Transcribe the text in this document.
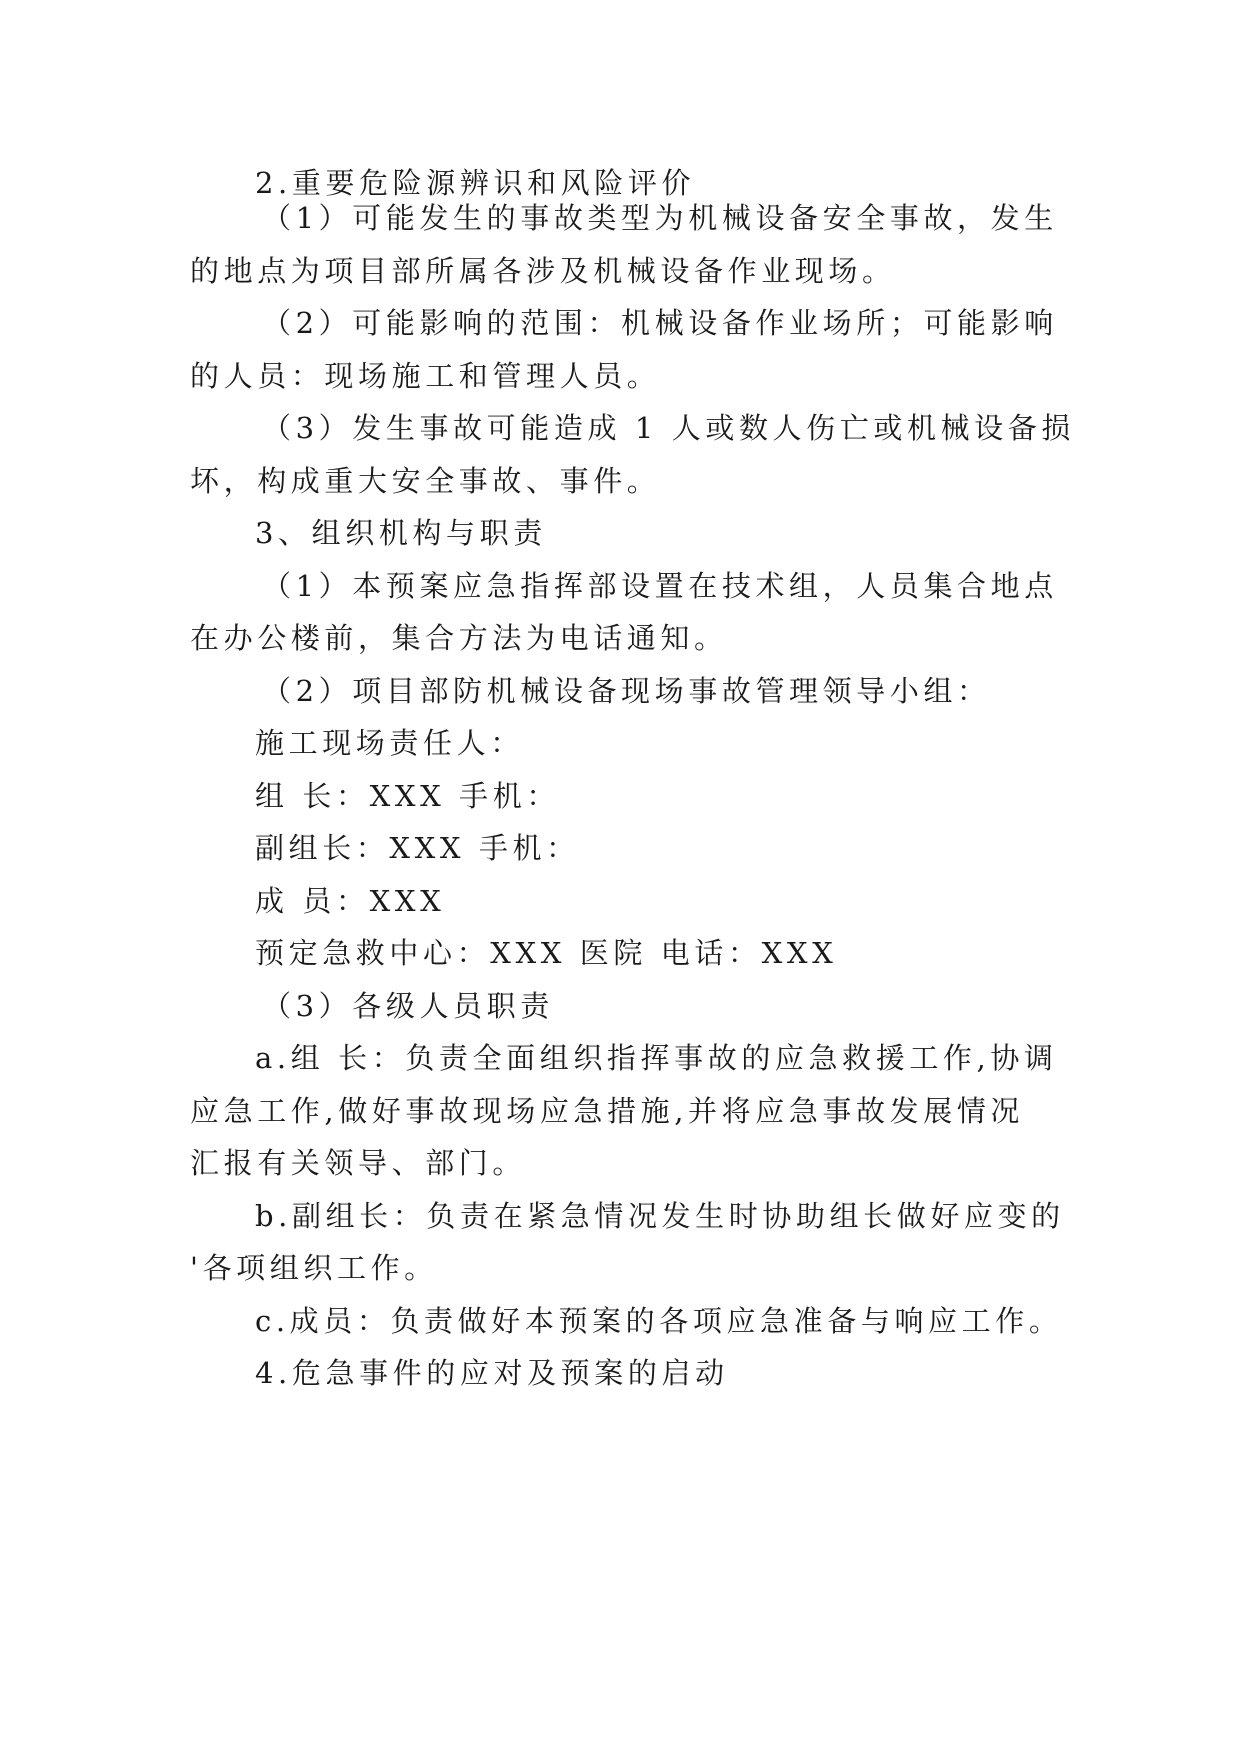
2.重要危险源辨识和风险评价

（1）可能发生的事故类型为机械设备安全事故，发生

的地点为项目部所属各涉及机械设备作业现场。

（2）可能影响的范围：机械设备作业场所；可能影响

的人员：现场施工和管理人员。

（3）发生事故可能造成 1 人或数人伤亡或机械设备损

坏，构成重大安全事故、事件。

3、组织机构与职责

（1）本预案应急指挥部设置在技术组，人员集合地点

在办公楼前，集合方法为电话通知。

（2）项目部防机械设备现场事故管理领导小组：

施工现场责任人：

组 长：XXX 手机：

副组长：XXX 手机：

成 员：XXX

预定急救中心：XXX 医院 电话：XXX

（3）各级人员职责

a.组 长：负责全面组织指挥事故的应急救援工作,协调

应急工作,做好事故现场应急措施,并将应急事故发展情况

汇报有关领导、部门。

b.副组长：负责在紧急情况发生时协助组长做好应变的

'各项组织工作。

c.成员：负责做好本预案的各项应急准备与响应工作。

4.危急事件的应对及预案的启动
